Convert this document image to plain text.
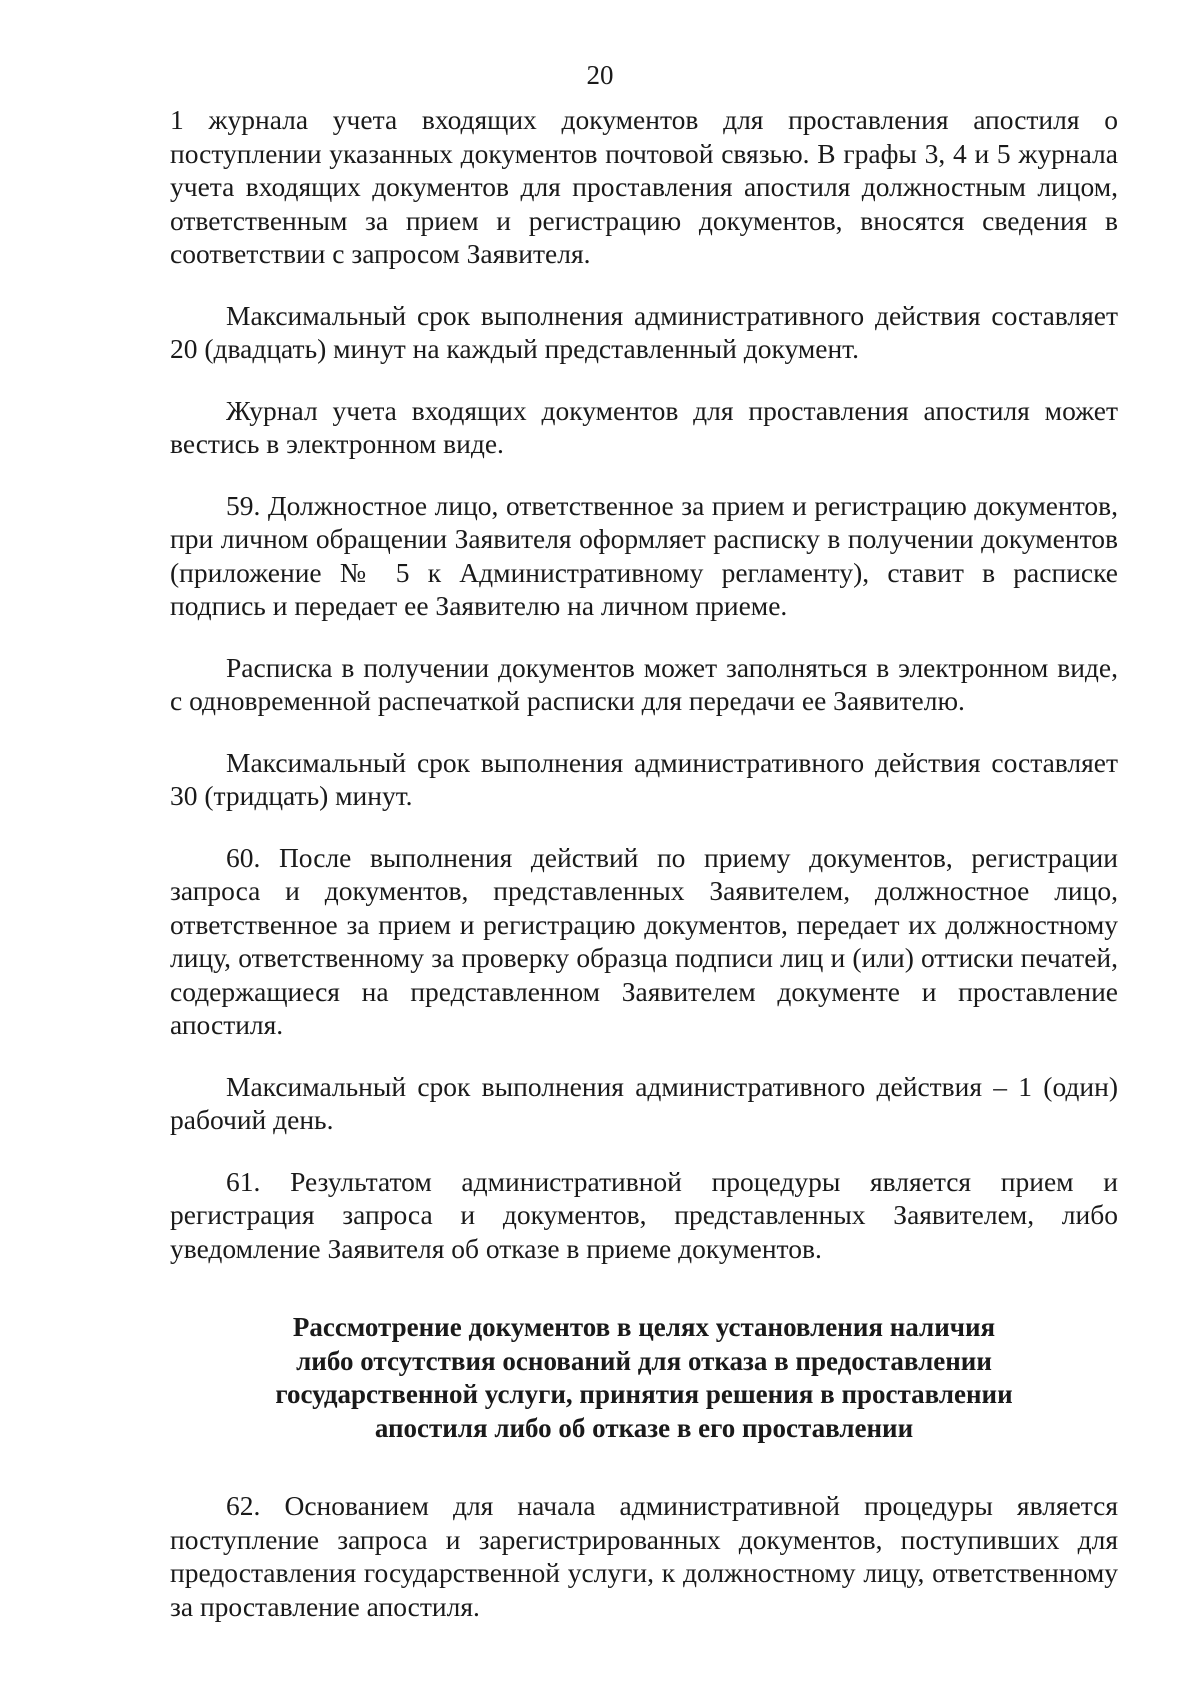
20

1 журнала учета входящих документов для проставления апостиля о поступлении указанных документов почтовой связью. В графы 3, 4 и 5 журнала учета входящих документов для проставления апостиля должностным лицом, ответственным за прием и регистрацию документов, вносятся сведения в соответствии с запросом Заявителя.

Максимальный срок выполнения административного действия составляет 20 (двадцать) минут на каждый представленный документ.

Журнал учета входящих документов для проставления апостиля может вестись в электронном виде.

59. Должностное лицо, ответственное за прием и регистрацию документов, при личном обращении Заявителя оформляет расписку в получении документов (приложение № 5 к Административному регламенту), ставит в расписке подпись и передает ее Заявителю на личном приеме.

Расписка в получении документов может заполняться в электронном виде, с одновременной распечаткой расписки для передачи ее Заявителю.

Максимальный срок выполнения административного действия составляет 30 (тридцать) минут.

60. После выполнения действий по приему документов, регистрации запроса и документов, представленных Заявителем, должностное лицо, ответственное за прием и регистрацию документов, передает их должностному лицу, ответственному за проверку образца подписи лиц и (или) оттиски печатей, содержащиеся на представленном Заявителем документе и проставление апостиля.

Максимальный срок выполнения административного действия – 1 (один) рабочий день.

61. Результатом административной процедуры является прием и регистрация запроса и документов, представленных Заявителем, либо уведомление Заявителя об отказе в приеме документов.

Рассмотрение документов в целях установления наличия
либо отсутствия оснований для отказа в предоставлении
государственной услуги, принятия решения в проставлении
апостиля либо об отказе в его проставлении

62. Основанием для начала административной процедуры является поступление запроса и зарегистрированных документов, поступивших для предоставления государственной услуги, к должностному лицу, ответственному за проставление апостиля.
